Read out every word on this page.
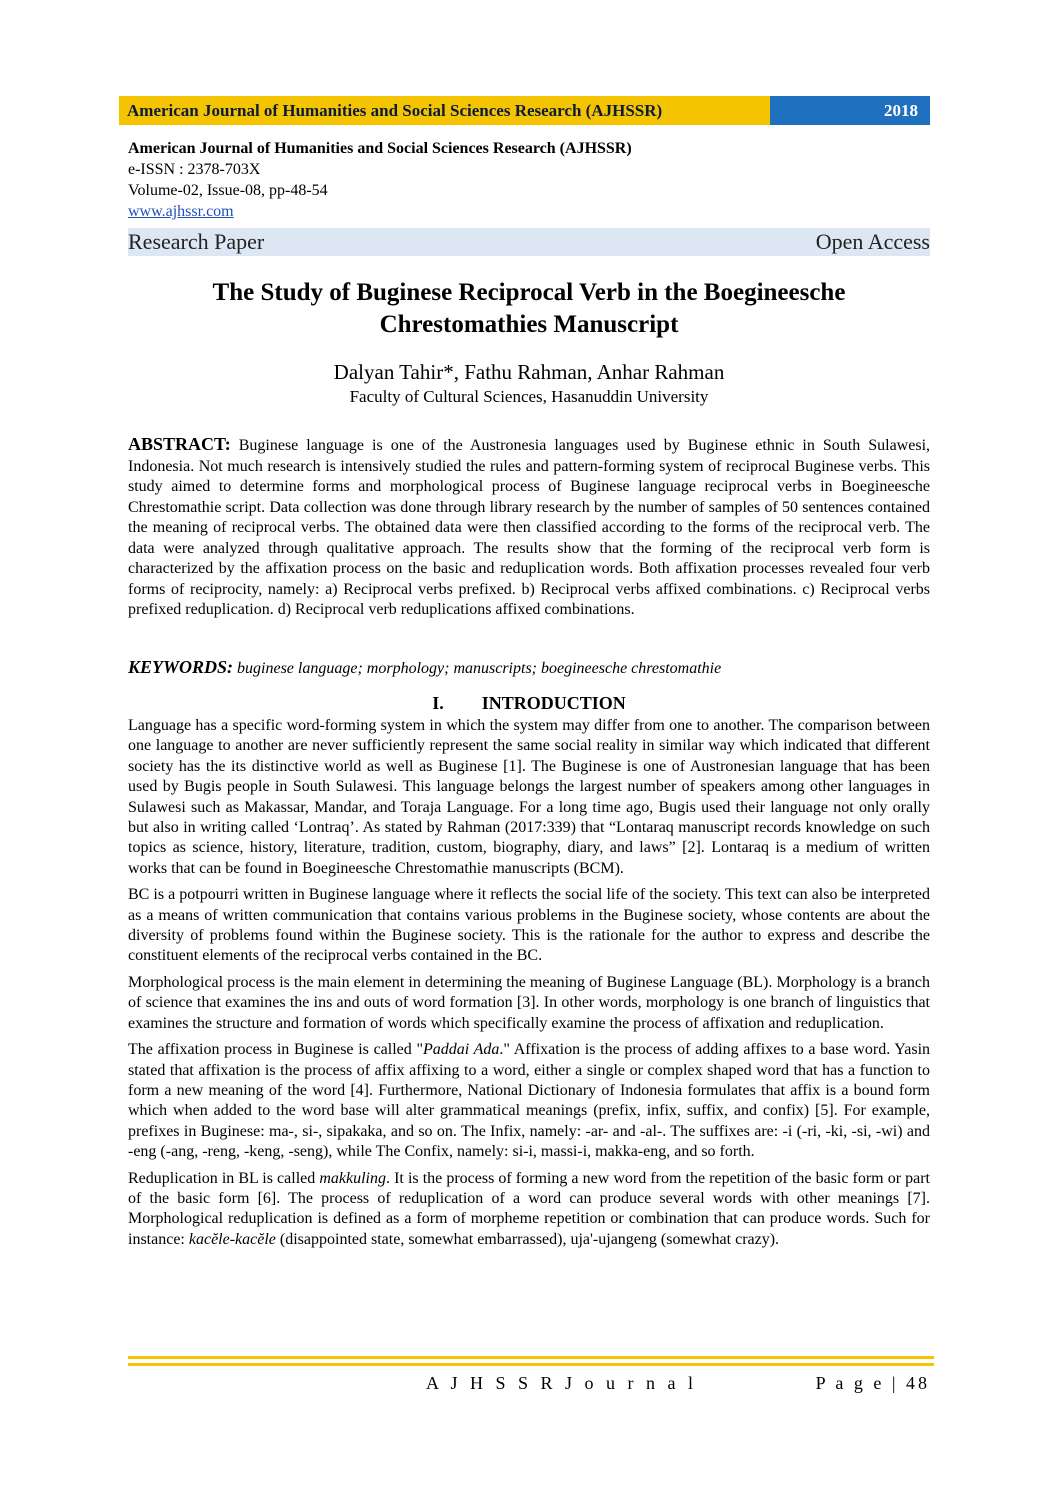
American Journal of Humanities and Social Sciences Research (AJHSSR)	2018
American Journal of Humanities and Social Sciences Research (AJHSSR)
e-ISSN : 2378-703X
Volume-02, Issue-08, pp-48-54
www.ajhssr.com
Research Paper	Open Access
The Study of Buginese Reciprocal Verb in the Boegineesche
Chrestomathies Manuscript
Dalyan Tahir*, Fathu Rahman, Anhar Rahman
Faculty of Cultural Sciences, Hasanuddin University
ABSTRACT: Buginese language is one of the Austronesia languages used by Buginese ethnic in South Sulawesi, Indonesia. Not much research is intensively studied the rules and pattern-forming system of reciprocal Buginese verbs. This study aimed to determine forms and morphological process of Buginese language reciprocal verbs in Boegineesche Chrestomathie script. Data collection was done through library research by the number of samples of 50 sentences contained the meaning of reciprocal verbs. The obtained data were then classified according to the forms of the reciprocal verb. The data were analyzed through qualitative approach. The results show that the forming of the reciprocal verb form is characterized by the affixation process on the basic and reduplication words. Both affixation processes revealed four verb forms of reciprocity, namely: a) Reciprocal verbs prefixed. b) Reciprocal verbs affixed combinations. c) Reciprocal verbs prefixed reduplication. d) Reciprocal verb reduplications affixed combinations.
KEYWORDS: buginese language; morphology; manuscripts; boegineesche chrestomathie
I. INTRODUCTION

Language has a specific word-forming system in which the system may differ from one to another. The comparison between one language to another are never sufficiently represent the same social reality in similar way which indicated that different society has the its distinctive world as well as Buginese [1]. The Buginese is one of Austronesian language that has been used by Bugis people in South Sulawesi. This language belongs the largest number of speakers among other languages in Sulawesi such as Makassar, Mandar, and Toraja Language. For a long time ago, Bugis used their language not only orally but also in writing called ‘Lontraq’. As stated by Rahman (2017:339) that “Lontaraq manuscript records knowledge on such topics as science, history, literature, tradition, custom, biography, diary, and laws” [2]. Lontaraq is a medium of written works that can be found in Boegineesche Chrestomathie manuscripts (BCM).

BC is a potpourri written in Buginese language where it reflects the social life of the society. This text can also be interpreted as a means of written communication that contains various problems in the Buginese society, whose contents are about the diversity of problems found within the Buginese society. This is the rationale for the author to express and describe the constituent elements of the reciprocal verbs contained in the BC.

Morphological process is the main element in determining the meaning of Buginese Language (BL). Morphology is a branch of science that examines the ins and outs of word formation [3]. In other words, morphology is one branch of linguistics that examines the structure and formation of words which specifically examine the process of affixation and reduplication.

The affixation process in Buginese is called "Paddai Ada." Affixation is the process of adding affixes to a base word. Yasin stated that affixation is the process of affix affixing to a word, either a single or complex shaped word that has a function to form a new meaning of the word [4]. Furthermore, National Dictionary of Indonesia formulates that affix is a bound form which when added to the word base will alter grammatical meanings (prefix, infix, suffix, and confix) [5]. For example, prefixes in Buginese: ma-, si-, sipakaka, and so on. The Infix, namely: -ar- and -al-. The suffixes are: -i (-ri, -ki, -si, -wi) and -eng (-ang, -reng, -keng, -seng), while The Confix, namely: si-i, massi-i, makka-eng, and so forth.

Reduplication in BL is called makkuling. It is the process of forming a new word from the repetition of the basic form or part of the basic form [6]. The process of reduplication of a word can produce several words with other meanings [7]. Morphological reduplication is defined as a form of morpheme repetition or combination that can produce words. Such for instance: kacĕle-kacĕle (disappointed state, somewhat embarrassed), uja'-ujangeng (somewhat crazy).

A J H S S R J o u r n a l	P a g e | 48
